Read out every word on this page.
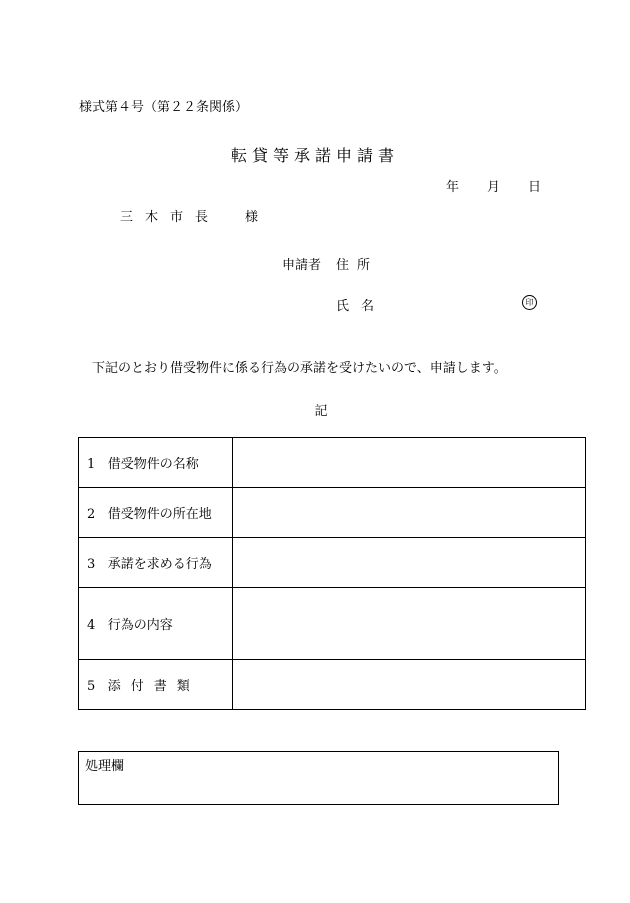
様式第４号（第２２条関係）
転貸等承諾申請書
年 月 日
三木市長　様
申請者 住所
氏名	印
下記のとおり借受物件に係る行為の承諾を受けたいので、申請します。
記
1 借受物件の名称	
2 借受物件の所在地	
3 承諾を求める行為	
4 行為の内容	
5 添付書類	
処理欄
